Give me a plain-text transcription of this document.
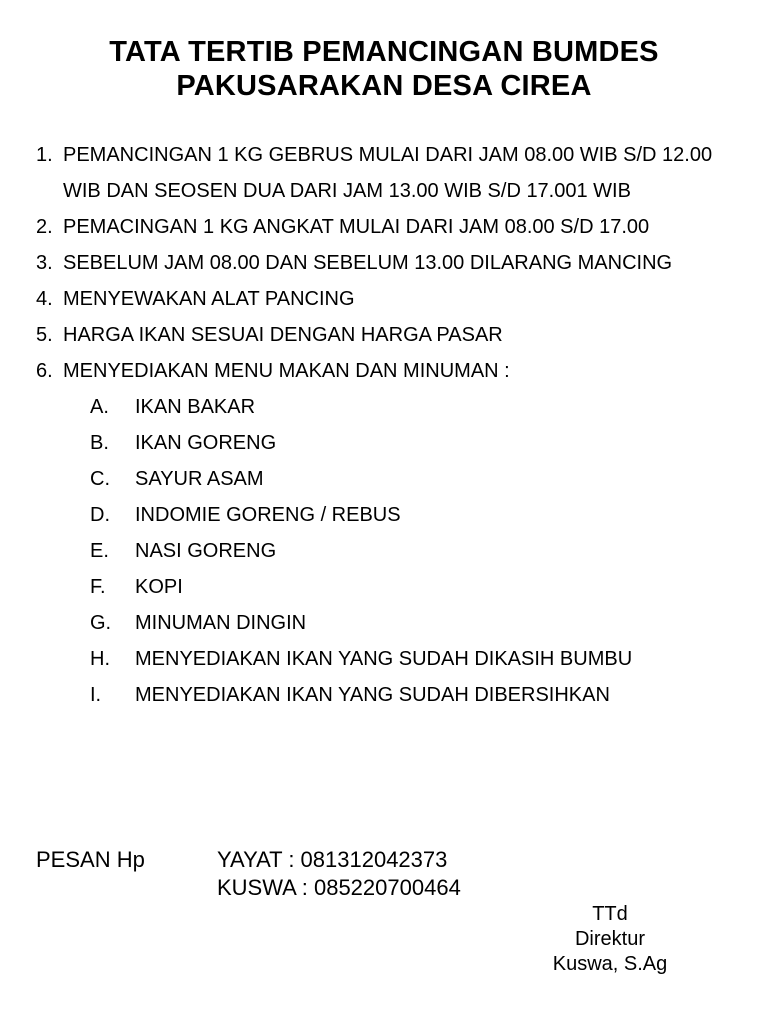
TATA TERTIB PEMANCINGAN BUMDES
PAKUSARAKAN DESA CIREA
1. PEMANCINGAN 1 KG GEBRUS MULAI DARI JAM 08.00 WIB S/D 12.00 WIB DAN SEOSEN DUA DARI JAM 13.00 WIB S/D 17.001 WIB
2. PEMACINGAN 1 KG ANGKAT MULAI DARI JAM 08.00 S/D 17.00
3. SEBELUM JAM 08.00 DAN SEBELUM 13.00 DILARANG MANCING
4. MENYEWAKAN ALAT PANCING
5. HARGA IKAN SESUAI DENGAN HARGA PASAR
6. MENYEDIAKAN MENU MAKAN DAN MINUMAN :
A. IKAN BAKAR
B. IKAN GORENG
C. SAYUR ASAM
D. INDOMIE GORENG / REBUS
E. NASI GORENG
F. KOPI
G. MINUMAN DINGIN
H. MENYEDIAKAN IKAN YANG SUDAH DIKASIH BUMBU
I. MENYEDIAKAN IKAN YANG SUDAH DIBERSIHKAN
PESAN Hp	YAYAT : 081312042373
KUSWA : 085220700464
TTd
Direktur
Kuswa, S.Ag
